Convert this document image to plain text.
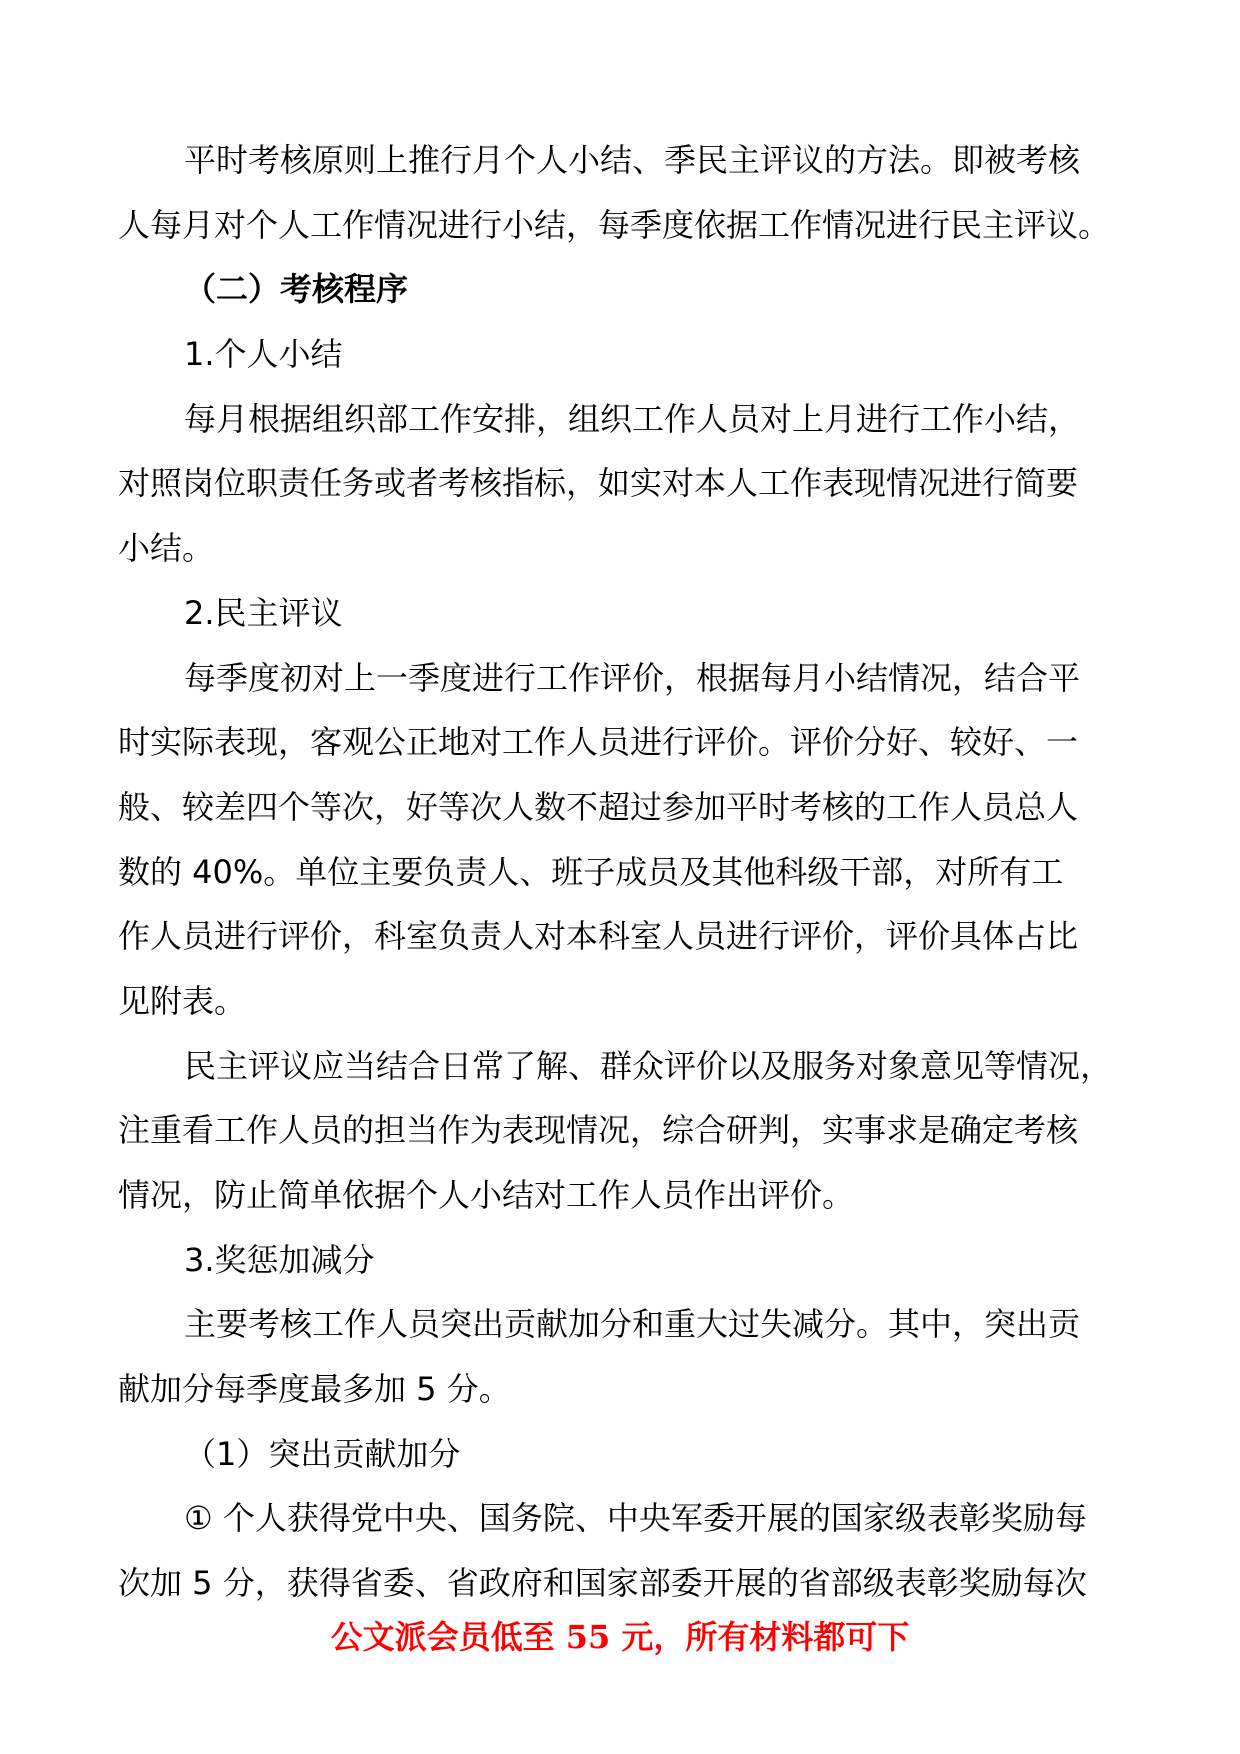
平时考核原则上推行月个人小结、季民主评议的方法。即被考核
人每月对个人工作情况进行小结，每季度依据工作情况进行民主评议。
（二）考核程序
1.个人小结
每月根据组织部工作安排，组织工作人员对上月进行工作小结，
对照岗位职责任务或者考核指标，如实对本人工作表现情况进行简要
小结。
2.民主评议
每季度初对上一季度进行工作评价，根据每月小结情况，结合平
时实际表现，客观公正地对工作人员进行评价。评价分好、较好、一
般、较差四个等次，好等次人数不超过参加平时考核的工作人员总人
数的 40%。单位主要负责人、班子成员及其他科级干部，对所有工
作人员进行评价，科室负责人对本科室人员进行评价，评价具体占比
见附表。
民主评议应当结合日常了解、群众评价以及服务对象意见等情况，
注重看工作人员的担当作为表现情况，综合研判，实事求是确定考核
情况，防止简单依据个人小结对工作人员作出评价。
3.奖惩加减分
主要考核工作人员突出贡献加分和重大过失减分。其中，突出贡
献加分每季度最多加 5 分。
（1）突出贡献加分
① 个人获得党中央、国务院、中央军委开展的国家级表彰奖励每
次加 5 分，获得省委、省政府和国家部委开展的省部级表彰奖励每次
公文派会员低至 55 元，所有材料都可下
